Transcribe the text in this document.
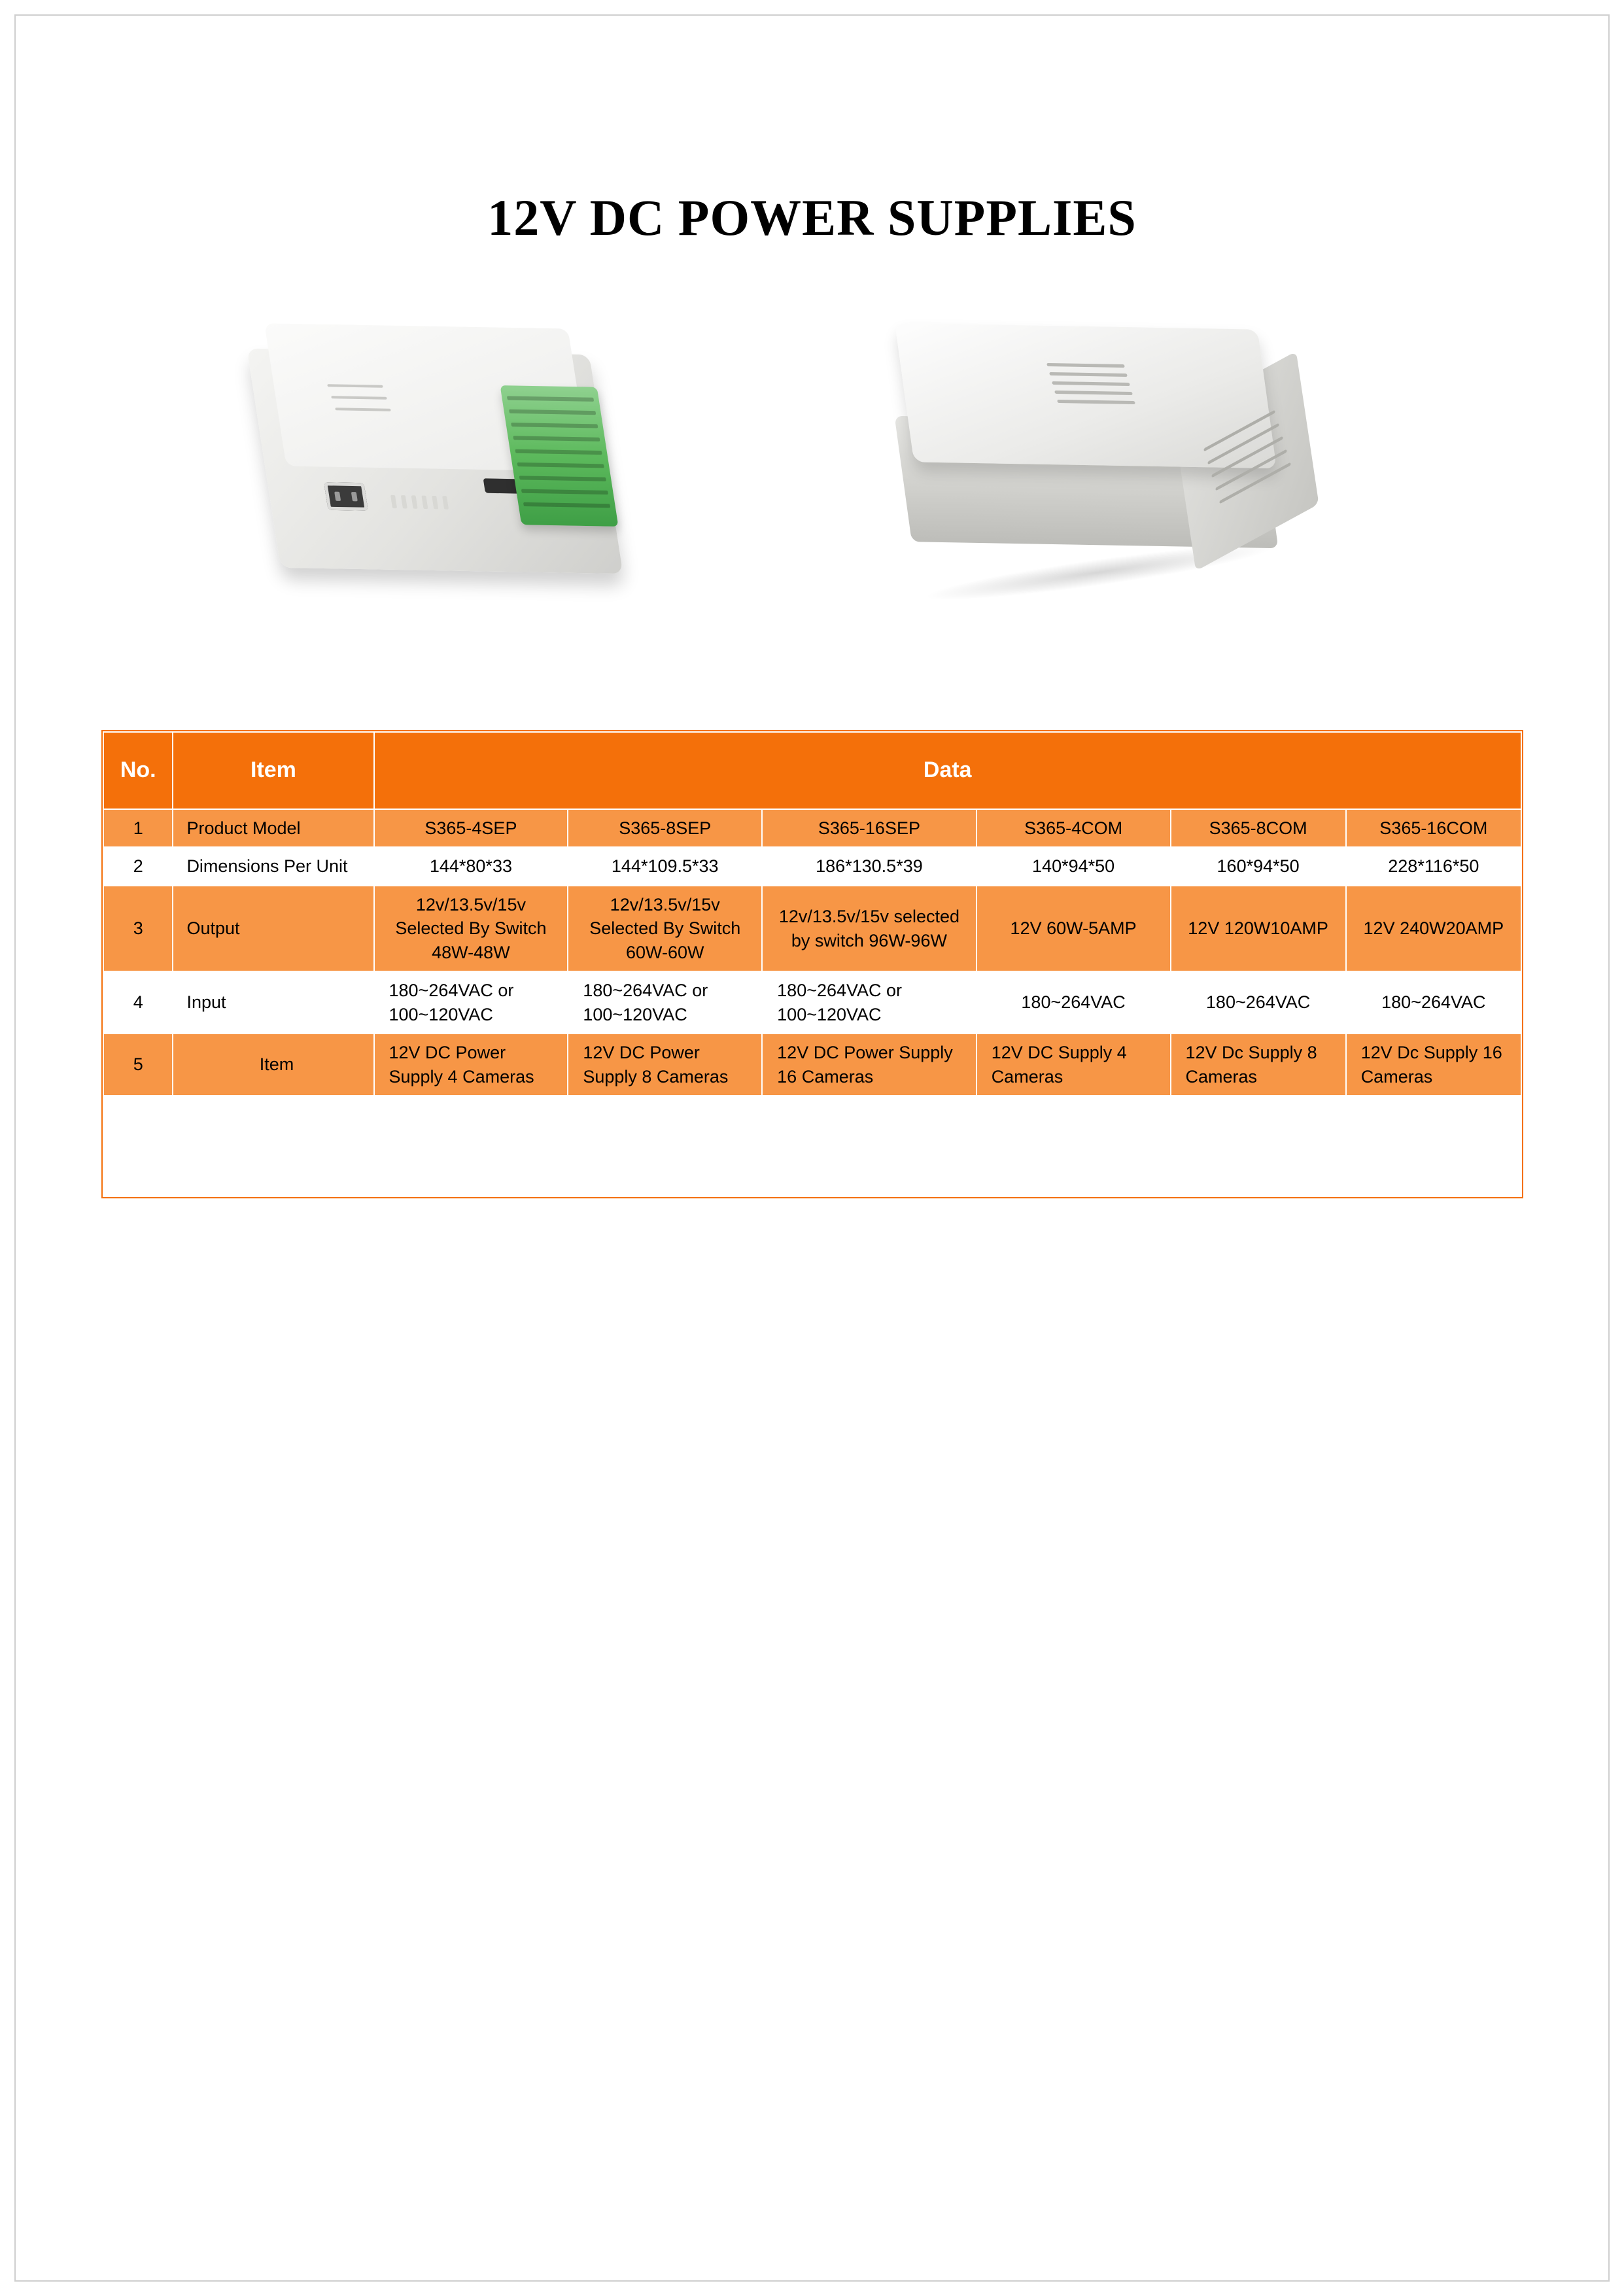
12V DC POWER SUPPLIES
No.	Item	Data					
1	Product Model	S365-4SEP	S365-8SEP	S365-16SEP	S365-4COM	S365-8COM	S365-16COM
2	Dimensions Per Unit	144*80*33	144*109.5*33	186*130.5*39	140*94*50	160*94*50	228*116*50
3	Output	12v/13.5v/15v Selected By Switch 48W-48W	12v/13.5v/15v Selected By Switch 60W-60W	12v/13.5v/15v selected by switch 96W-96W	12V 60W-5AMP	12V 120W10AMP	12V 240W20AMP
4	Input	180~264VAC or 100~120VAC	180~264VAC or 100~120VAC	180~264VAC or 100~120VAC	180~264VAC	180~264VAC	180~264VAC
5	Item	12V DC Power Supply 4 Cameras	12V DC Power Supply 8 Cameras	12V DC Power Supply 16 Cameras	12V DC Supply 4 Cameras	12V Dc Supply 8 Cameras	12V Dc Supply 16 Cameras
